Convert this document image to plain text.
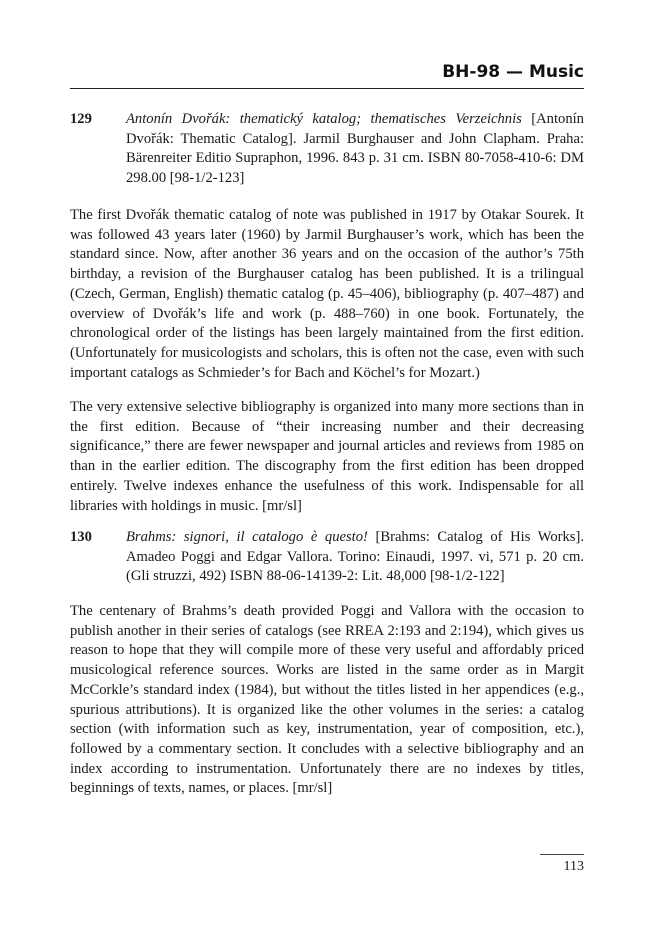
BH-98 — Music
129	Antonín Dvořák: thematický katalog; thematisches Verzeichnis [Antonín Dvořák: Thematic Catalog]. Jarmil Burghauser and John Clapham. Praha: Bärenreiter Editio Supraphon, 1996. 843 p. 31 cm. ISBN 80-7058-410-6: DM 298.00 [98-1/2-123]

The first Dvořák thematic catalog of note was published in 1917 by Otakar Sourek. It was followed 43 years later (1960) by Jarmil Burghauser’s work, which has been the standard since. Now, after another 36 years and on the occasion of the author’s 75th birthday, a revision of the Burghauser catalog has been published. It is a trilingual (Czech, German, English) thematic catalog (p. 45–406), bibliography (p. 407–487) and overview of Dvořák’s life and work (p. 488–760) in one book. Fortunately, the chronological order of the listings has been largely maintained from the first edition. (Unfortunately for musicologists and scholars, this is often not the case, even with such important catalogs as Schmieder’s for Bach and Köchel’s for Mozart.)

The very extensive selective bibliography is organized into many more sections than in the first edition. Because of “their increasing number and their decreasing significance,” there are fewer newspaper and journal articles and reviews from 1985 on than in the earlier edition. The discography from the first edition has been dropped entirely. Twelve indexes enhance the usefulness of this work. Indispensable for all libraries with holdings in music. [mr/sl]

130	Brahms: signori, il catalogo è questo! [Brahms: Catalog of His Works]. Amadeo Poggi and Edgar Vallora. Torino: Einaudi, 1997. vi, 571 p. 20 cm. (Gli struzzi, 492) ISBN 88-06-14139-2: Lit. 48,000 [98-1/2-122]

The centenary of Brahms’s death provided Poggi and Vallora with the occasion to publish another in their series of catalogs (see RREA 2:193 and 2:194), which gives us reason to hope that they will compile more of these very useful and affordably priced musicological reference sources. Works are listed in the same order as in Margit McCorkle’s standard index (1984), but without the titles listed in her appendices (e.g., spurious attributions). It is organized like the other volumes in the series: a catalog section (with information such as key, instrumentation, year of composition, etc.), followed by a commentary section. It concludes with a selective bibliography and an index according to instrumentation. Unfortunately there are no indexes by titles, beginnings of texts, names, or places. [mr/sl]

113
